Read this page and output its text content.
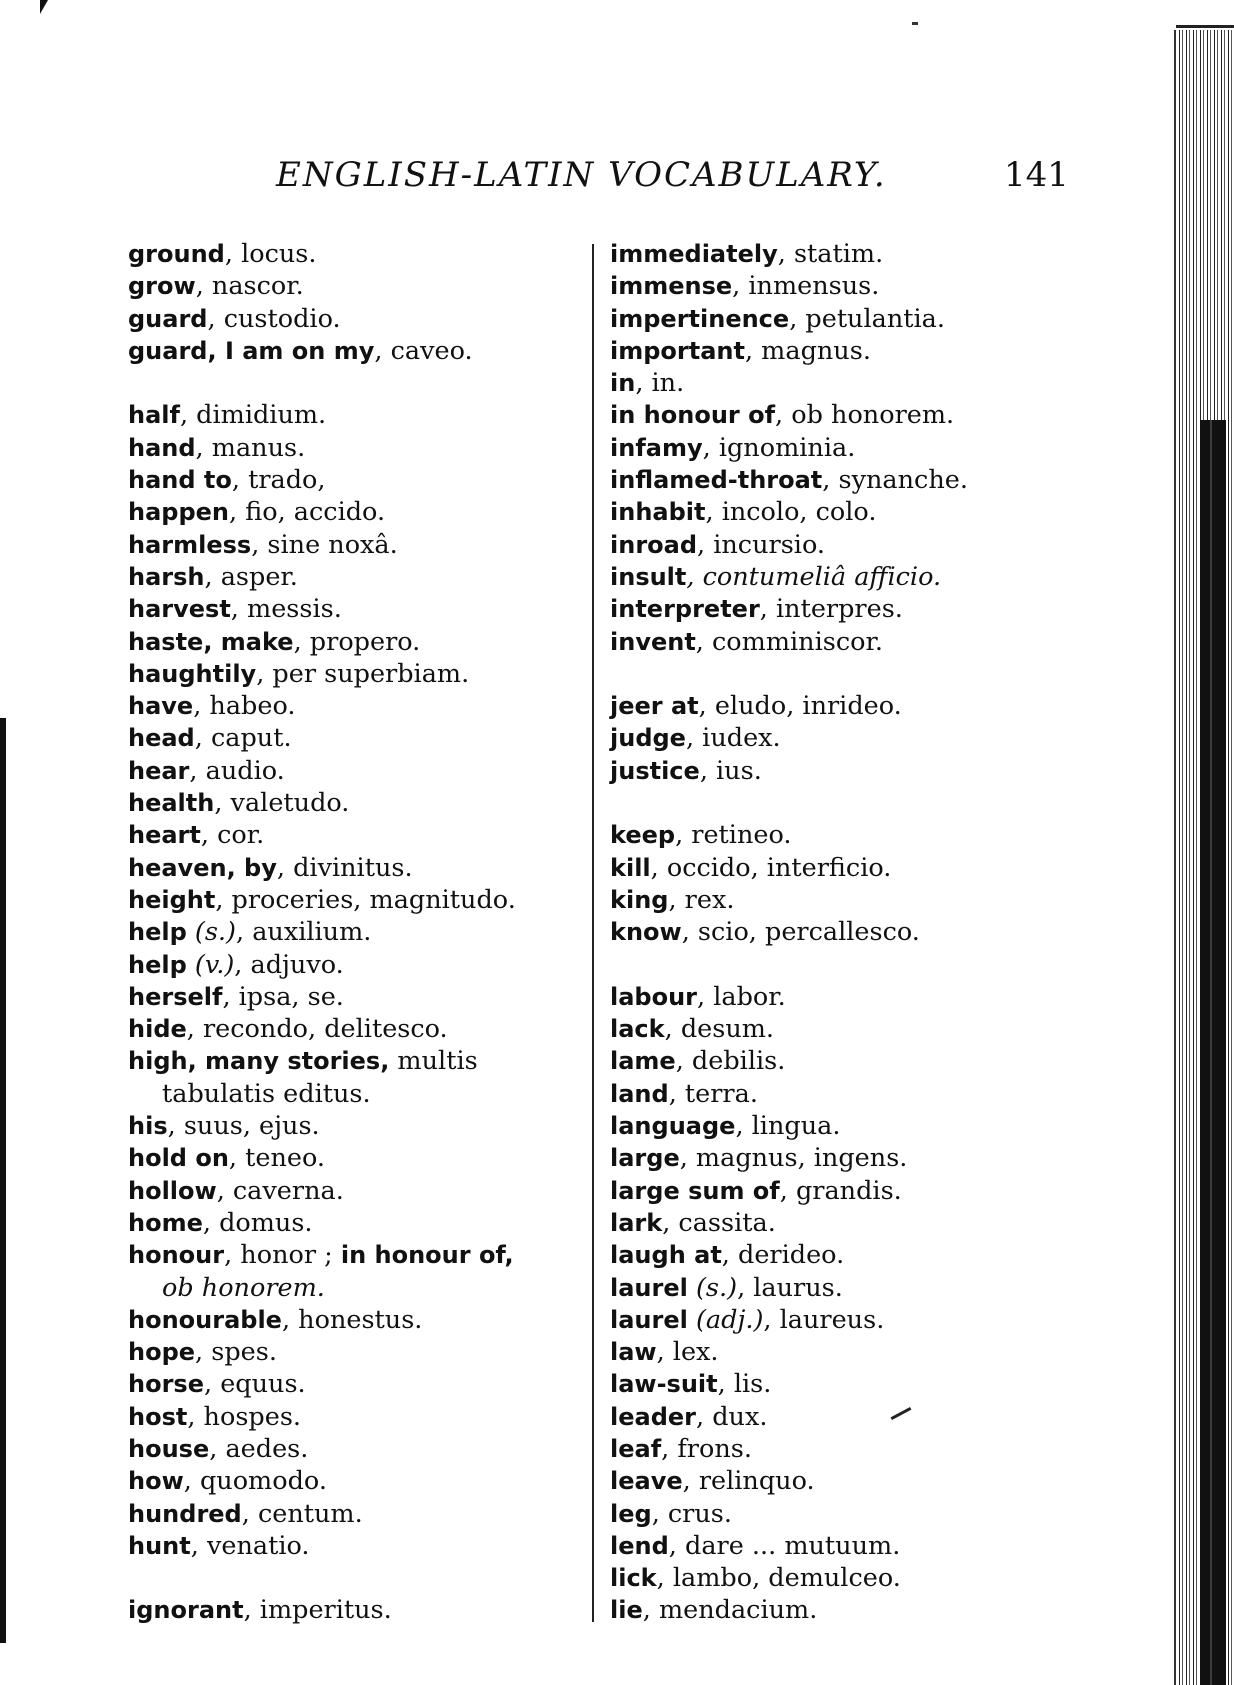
ENGLISH-LATIN VOCABULARY.	141
ground, locus.
grow, nascor.
guard, custodio.
guard, I am on my, caveo.
half, dimidium.
hand, manus.
hand to, trado,
happen, fio, accido.
harmless, sine noxâ.
harsh, asper.
harvest, messis.
haste, make, propero.
haughtily, per superbiam.
have, habeo.
head, caput.
hear, audio.
health, valetudo.
heart, cor.
heaven, by, divinitus.
height, proceries, magnitudo.
help (s.), auxilium.
help (v.), adjuvo.
herself, ipsa, se.
hide, recondo, delitesco.
high, many stories, multis
tabulatis editus.
his, suus, ejus.
hold on, teneo.
hollow, caverna.
home, domus.
honour, honor ; in honour of,
ob honorem.
honourable, honestus.
hope, spes.
horse, equus.
host, hospes.
house, aedes.
how, quomodo.
hundred, centum.
hunt, venatio.
ignorant, imperitus.
immediately, statim.
immense, inmensus.
impertinence, petulantia.
important, magnus.
in, in.
in honour of, ob honorem.
infamy, ignominia.
inflamed-throat, synanche.
inhabit, incolo, colo.
inroad, incursio.
insult, contumeliâ afficio.
interpreter, interpres.
invent, comminiscor.
jeer at, eludo, inrideo.
judge, iudex.
justice, ius.
keep, retineo.
kill, occido, interficio.
king, rex.
know, scio, percallesco.
labour, labor.
lack, desum.
lame, debilis.
land, terra.
language, lingua.
large, magnus, ingens.
large sum of, grandis.
lark, cassita.
laugh at, derideo.
laurel (s.), laurus.
laurel (adj.), laureus.
law, lex.
law-suit, lis.
leader, dux.
leaf, frons.
leave, relinquo.
leg, crus.
lend, dare ... mutuum.
lick, lambo, demulceo.
lie, mendacium.
